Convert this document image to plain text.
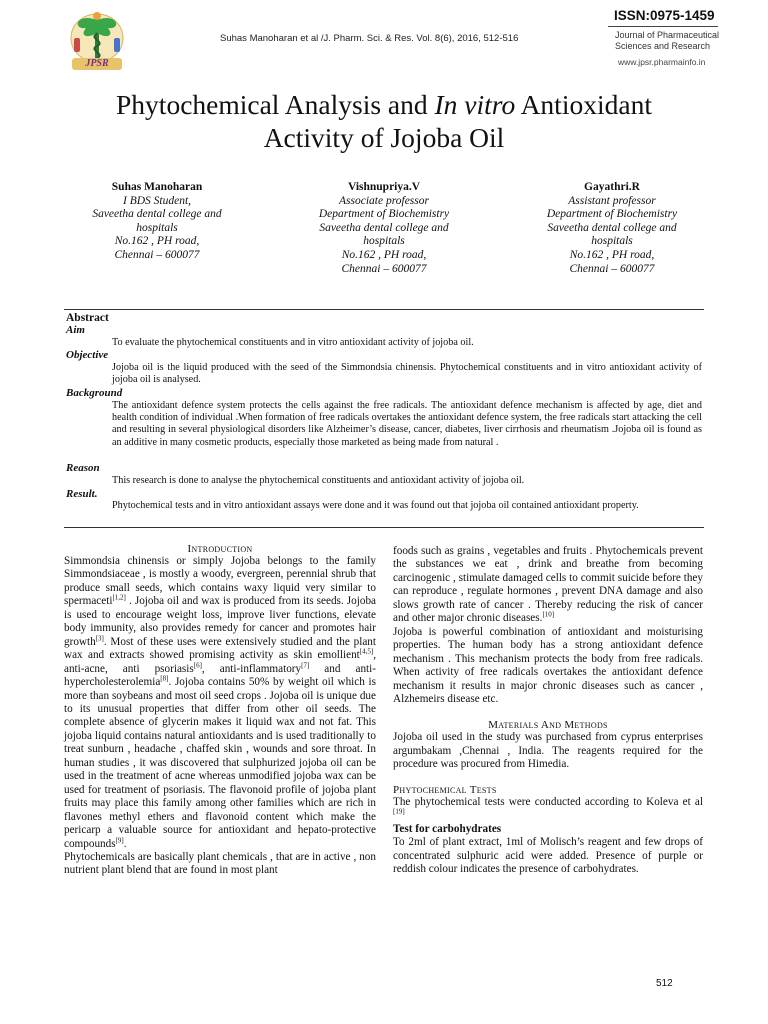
JPSR
Suhas Manoharan et al /J. Pharm. Sci. & Res. Vol. 8(6), 2016, 512-516
ISSN:0975-1459
Journal of Pharmaceutical
Sciences and Research
www.jpsr.pharmainfo.in
Phytochemical Analysis and In vitro Antioxidant
Activity of Jojoba Oil
Suhas Manoharan
I BDS Student,
Saveetha dental college and
hospitals
No.162 , PH road,
Chennai – 600077
Vishnupriya.V
Associate professor
Department of Biochemistry
Saveetha dental college and
hospitals
No.162 , PH road,
Chennai – 600077
Gayathri.R
Assistant professor
Department of Biochemistry
Saveetha dental college and
hospitals
No.162 , PH road,
Chennai – 600077
Abstract
Aim
To evaluate the phytochemical constituents and in vitro antioxidant activity of jojoba oil.
Objective
Jojoba oil is the liquid produced with the seed of the Simmondsia chinensis. Phytochemical constituents and in vitro antioxidant activity of jojoba oil is analysed.
Background
The antioxidant defence system protects the cells against the free radicals. The antioxidant defence mechanism is affected by age, diet and health condition of individual .When formation of free radicals overtakes the antioxidant defence system, the free radicals start attacking the cell and resulting in several physiological disorders like Alzheimer’s disease, cancer, diabetes, liver cirrhosis and rheumatism .Jojoba oil is found as an additive in many cosmetic products, especially those marketed as being made from natural .
Reason
This research is done to analyse the phytochemical constituents and antioxidant activity of jojoba oil.
Result.
Phytochemical tests and in vitro antioxidant assays were done and it was found out that jojoba oil contained antioxidant property.
Introduction
Simmondsia chinensis or simply Jojoba belongs to the family Simmondsiaceae , is mostly a woody, evergreen, perennial shrub that produce small seeds, which contains waxy liquid very similar to spermaceti[1,2] . Jojoba oil and wax is produced from its seeds. Jojoba is used to encourage weight loss, improve liver functions, elevate body immunity, also provides remedy for cancer and promotes hair growth[3]. Most of these uses were extensively studied and the plant wax and extracts showed promising activity as skin emollient[4,5], anti-acne, anti psoriasis[6], anti-inflammatory[7] and anti- hypercholesterolemia[8]. Jojoba contains 50% by weight oil which is more than soybeans and most oil seed crops . Jojoba oil is unique due to its unusual properties that differ from other oil seeds. The complete absence of glycerin makes it liquid wax and not fat. This jojoba liquid contains natural antioxidants and is used traditionally to treat sunburn , headache , chaffed skin , wounds and sore throat. In human studies , it was discovered that sulphurized jojoba oil can be used in the treatment of acne whereas unmodified jojoba wax can be used for treatment of psoriasis. The flavonoid profile of jojoba plant fruits may place this family among other families which are rich in flavones methyl ethers and flavonoid content which make the pericarp a valuable source for antioxidant and hepato-protective compounds[9].
Phytochemicals are basically plant chemicals , that are in active , non nutrient plant blend that are found in most plant
foods such as grains , vegetables and fruits . Phytochemicals prevent the substances we eat , drink and breathe from becoming carcinogenic , stimulate damaged cells to commit suicide before they can reproduce , regulate hormones , prevent DNA damage and also slows growth rate of cancer . Thereby reducing the risk of cancer and other major chronic diseases.[10]
Jojoba is powerful combination of antioxidant and moisturising properties. The human body has a strong antioxidant defence mechanism . This mechanism protects the body from free radicals. When activity of free radicals overtakes the antioxidant defence mechanism it results in major chronic diseases such as cancer , Alzhemeirs disease etc.
Materials And Methods
Jojoba oil used in the study was purchased from cyprus enterprises argumbakam ,Chennai , India. The reagents required for the procedure was procured from Himedia.
Phytochemical Tests
The phytochemical tests were conducted according to Koleva et al [19]
Test for carbohydrates
To 2ml of plant extract, 1ml of Molisch’s reagent and few drops of concentrated sulphuric acid were added. Presence of purple or reddish colour indicates the presence of carbohydrates.
512
